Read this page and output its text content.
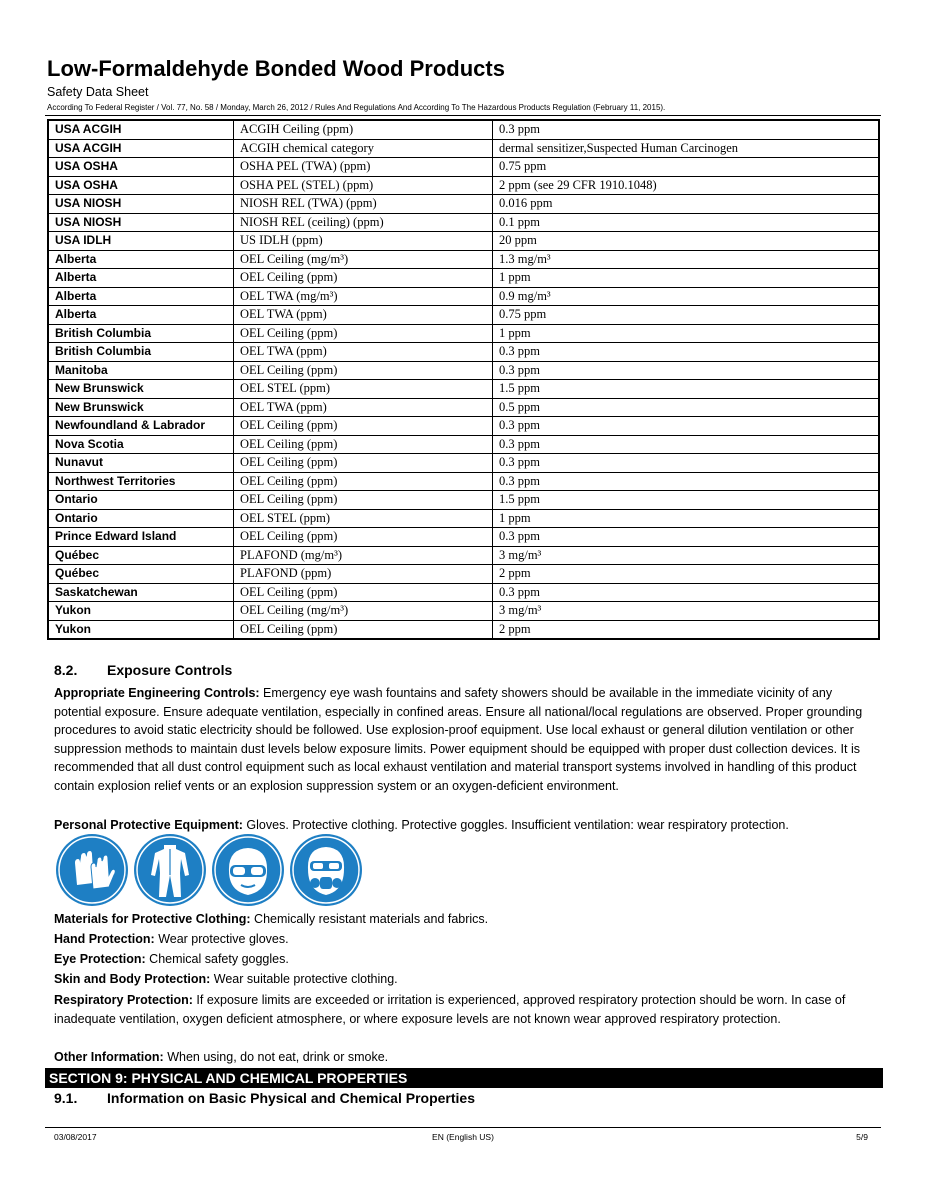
Low-Formaldehyde Bonded Wood Products
Safety Data Sheet
According To Federal Register / Vol. 77, No. 58 / Monday, March 26, 2012 / Rules And Regulations And According To The Hazardous Products Regulation (February 11, 2015).
USA ACGIH	ACGIH Ceiling (ppm)	0.3 ppm
USA ACGIH	ACGIH chemical category	dermal sensitizer,Suspected Human Carcinogen
USA OSHA	OSHA PEL (TWA) (ppm)	0.75 ppm
USA OSHA	OSHA PEL (STEL) (ppm)	2 ppm (see 29 CFR 1910.1048)
USA NIOSH	NIOSH REL (TWA) (ppm)	0.016 ppm
USA NIOSH	NIOSH REL (ceiling) (ppm)	0.1 ppm
USA IDLH	US IDLH (ppm)	20 ppm
Alberta	OEL Ceiling (mg/m³)	1.3 mg/m³
Alberta	OEL Ceiling (ppm)	1 ppm
Alberta	OEL TWA (mg/m³)	0.9 mg/m³
Alberta	OEL TWA (ppm)	0.75 ppm
British Columbia	OEL Ceiling (ppm)	1 ppm
British Columbia	OEL TWA (ppm)	0.3 ppm
Manitoba	OEL Ceiling (ppm)	0.3 ppm
New Brunswick	OEL STEL (ppm)	1.5 ppm
New Brunswick	OEL TWA (ppm)	0.5 ppm
Newfoundland & Labrador	OEL Ceiling (ppm)	0.3 ppm
Nova Scotia	OEL Ceiling (ppm)	0.3 ppm
Nunavut	OEL Ceiling (ppm)	0.3 ppm
Northwest Territories	OEL Ceiling (ppm)	0.3 ppm
Ontario	OEL Ceiling (ppm)	1.5 ppm
Ontario	OEL STEL (ppm)	1 ppm
Prince Edward Island	OEL Ceiling (ppm)	0.3 ppm
Québec	PLAFOND (mg/m³)	3 mg/m³
Québec	PLAFOND (ppm)	2 ppm
Saskatchewan	OEL Ceiling (ppm)	0.3 ppm
Yukon	OEL Ceiling (mg/m³)	3 mg/m³
Yukon	OEL Ceiling (ppm)	2 ppm
8.2. Exposure Controls
Appropriate Engineering Controls: Emergency eye wash fountains and safety showers should be available in the immediate vicinity of any potential exposure. Ensure adequate ventilation, especially in confined areas. Ensure all national/local regulations are observed. Proper grounding procedures to avoid static electricity should be followed. Use explosion-proof equipment. Use local exhaust or general dilution ventilation or other suppression methods to maintain dust levels below exposure limits. Power equipment should be equipped with proper dust collection devices. It is recommended that all dust control equipment such as local exhaust ventilation and material transport systems involved in handling of this product contain explosion relief vents or an explosion suppression system or an oxygen-deficient environment.
Personal Protective Equipment: Gloves. Protective clothing. Protective goggles. Insufficient ventilation: wear respiratory protection.
Materials for Protective Clothing: Chemically resistant materials and fabrics.
Hand Protection: Wear protective gloves.
Eye Protection: Chemical safety goggles.
Skin and Body Protection: Wear suitable protective clothing.
Respiratory Protection: If exposure limits are exceeded or irritation is experienced, approved respiratory protection should be worn. In case of inadequate ventilation, oxygen deficient atmosphere, or where exposure levels are not known wear approved respiratory protection.
Other Information: When using, do not eat, drink or smoke.
SECTION 9: PHYSICAL AND CHEMICAL PROPERTIES
9.1. Information on Basic Physical and Chemical Properties
03/08/2017	EN (English US)	5/9
